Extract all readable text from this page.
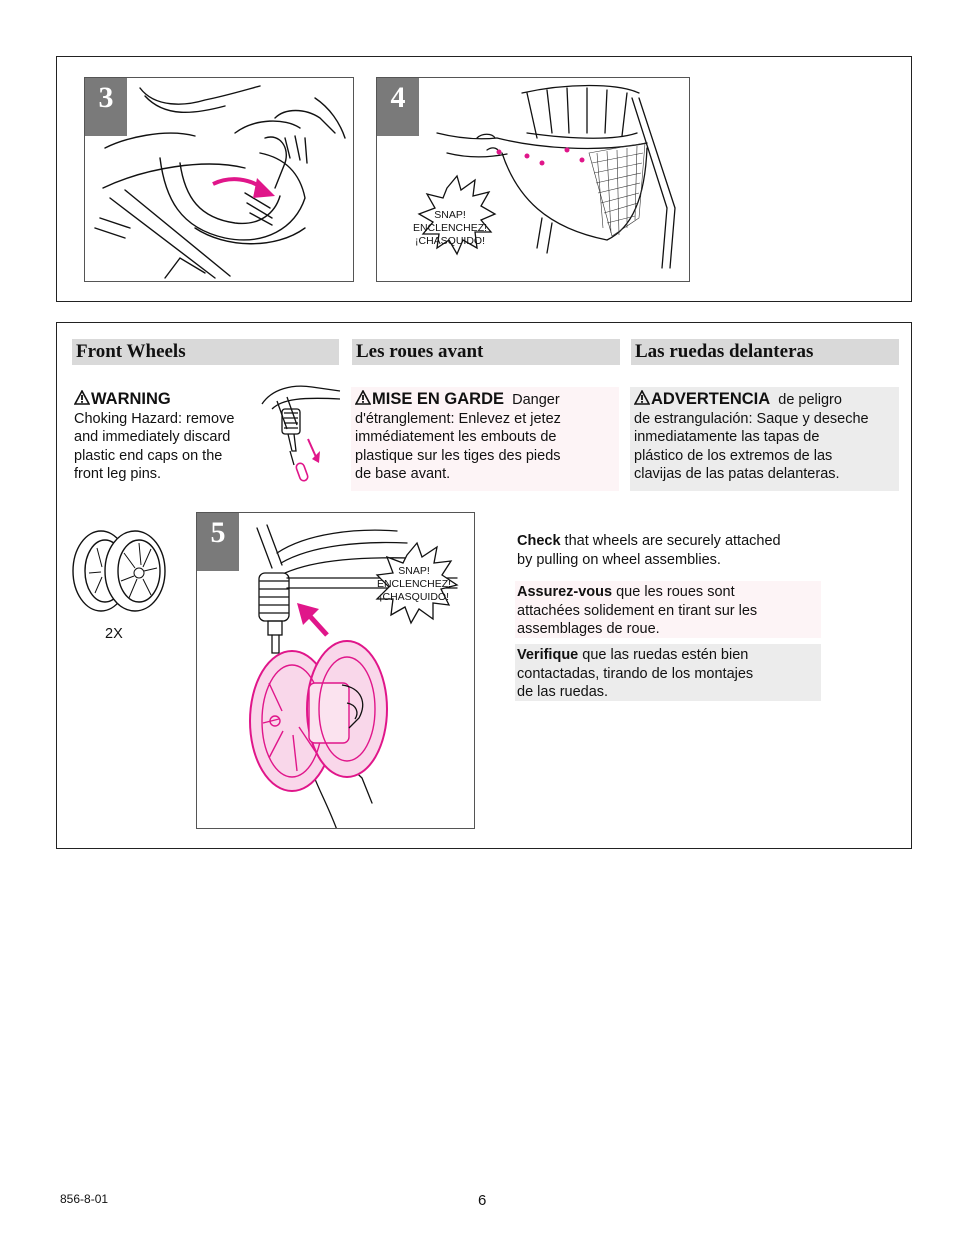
3
SNAP!
ENCLENCHEZ!
¡CHASQUIDO!
4
Front Wheels	Les roues avant	Las ruedas delanteras
WARNING
Choking Hazard: remove
and immediately discard
plastic end caps on the
front leg pins.
MISE EN GARDE Danger
d'étranglement: Enlevez et jetez
immédiatement les embouts de
plastique sur les tiges des pieds
de base avant.
ADVERTENCIA de peligro
de estrangulación: Saque y deseche
inmediatamente las tapas de
plástico de los extremos de las
clavijas de las patas delanteras.
2X
SNAP!
ENCLENCHEZ!
¡CHASQUIDO!
5	Check that wheels are securely attached
by pulling on wheel assemblies.
Assurez-vous que les roues sont
attachées solidement en tirant sur les
assemblages de roue.
Verifique que las ruedas estén bien
contactadas, tirando de los montajes
de las ruedas.
856-8-01	6
